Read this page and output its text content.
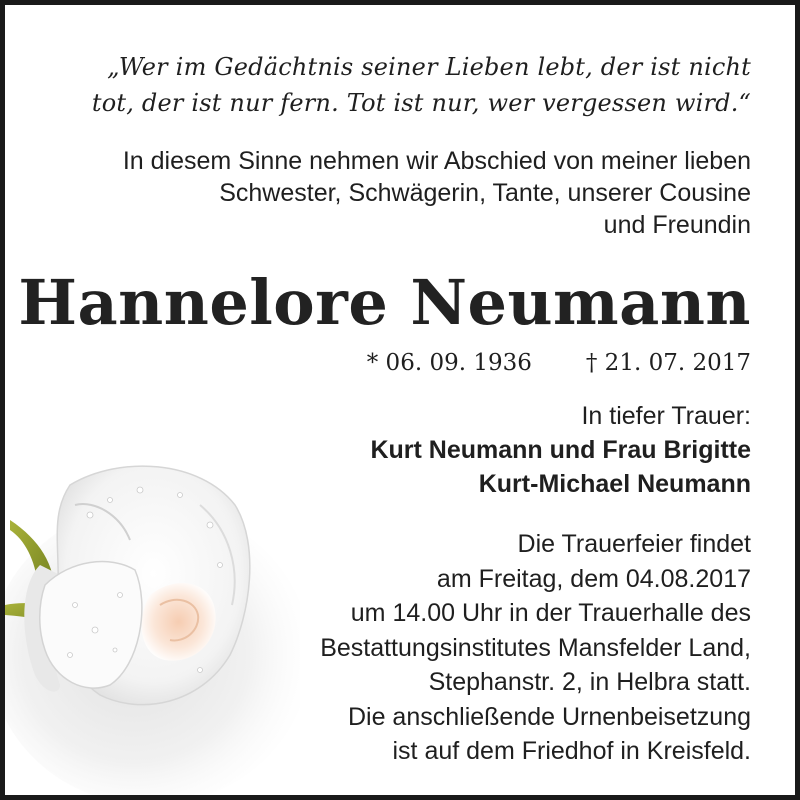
„Wer im Gedächtnis seiner Lieben lebt, der ist nicht
tot, der ist nur fern. Tot ist nur, wer vergessen wird.“

In diesem Sinne nehmen wir Abschied von meiner lieben
Schwester, Schwägerin, Tante, unserer Cousine
und Freundin

Hannelore Neumann

* 06. 09. 1936 † 21. 07. 2017

In tiefer Trauer:
Kurt Neumann und Frau Brigitte
Kurt-Michael Neumann
Die Trauerfeier findet
am Freitag, dem 04.08.2017
um 14.00 Uhr in der Trauerhalle des
Bestattungsinstitutes Mansfelder Land,
Stephanstr. 2, in Helbra statt.
Die anschließende Urnenbeisetzung
ist auf dem Friedhof in Kreisfeld.
